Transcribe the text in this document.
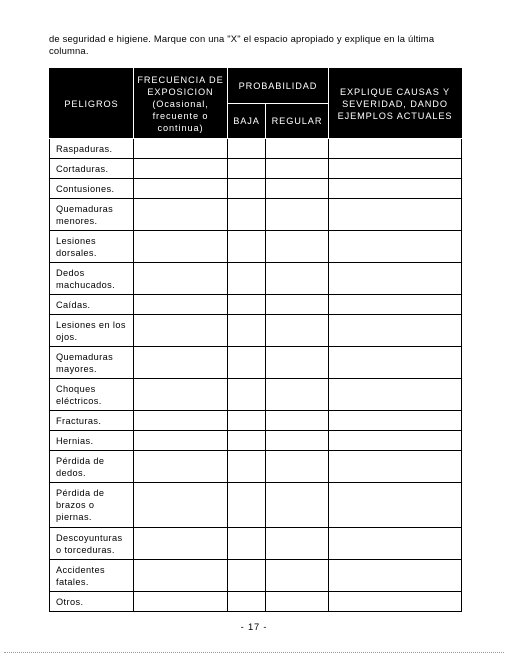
de seguridad e higiene. Marque con una "X" el espacio apropiado y explique en la última columna.
PELIGROS	FRECUENCIA DE EXPOSICION (Ocasional, frecuente o continua)	PROBABILIDAD		EXPLIQUE CAUSAS Y SEVERIDAD, DANDO EJEMPLOS ACTUALES
		BAJA	REGULAR	
Raspaduras.				
Cortaduras.				
Contusiones.				
Quemaduras menores.				
Lesiones dorsales.				
Dedos machucados.				
Caídas.				
Lesiones en los ojos.				
Quemaduras mayores.				
Choques eléctricos.				
Fracturas.				
Hernias.				
Pérdida de dedos.				
Pérdida de brazos o piernas.				
Descoyunturas o torceduras.				
Accidentes fatales.				
Otros.				
- 17 -
